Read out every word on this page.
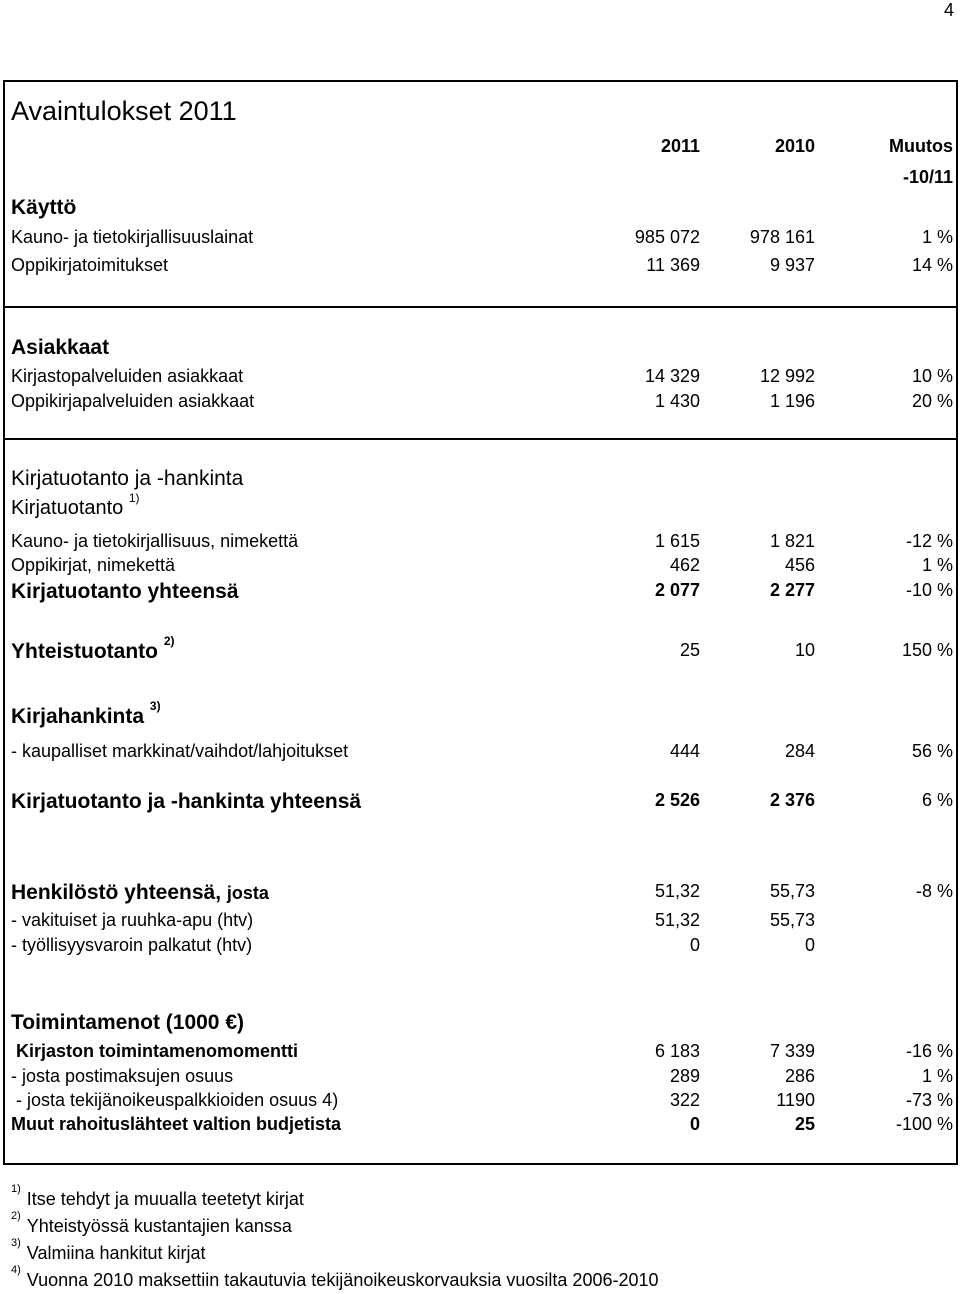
4
Avaintulokset 2011
2011	2010	Muutos
-10/11
Käyttö
Kauno- ja tietokirjallisuuslainat	985 072	978 161	1 %
Oppikirjatoimitukset	11 369	9 937	14 %
Asiakkaat
Kirjastopalveluiden asiakkaat	14 329	12 992	10 %
Oppikirjapalveluiden asiakkaat	1 430	1 196	20 %
Kirjatuotanto ja -hankinta
Kirjatuotanto $^{1)}$
Kauno- ja tietokirjallisuus, nimekettä	1 615	1 821	-12 %
Oppikirjat, nimekettä	462	456	1 %
Kirjatuotanto yhteensä	2 077	2 277	-10 %
Yhteistuotanto $^{2)}$	25	10	150 %
Kirjahankinta $^{3)}$
- kaupalliset markkinat/vaihdot/lahjoitukset	444	284	56 %
Kirjatuotanto ja -hankinta yhteensä	2 526	2 376	6 %
Henkilöstö yhteensä, josta	51,32	55,73	-8 %
- vakituiset ja ruuhka-apu (htv)	51,32	55,73
- työllisyysvaroin palkatut (htv)	0	0
Toimintamenot (1000 €)
Kirjaston toimintamenomomentti	6 183	7 339	-16 %
- josta postimaksujen osuus	289	286	1 %
- josta tekijänoikeuspalkkioiden osuus 4)	322	1190	-73 %
Muut rahoituslähteet valtion budjetista	0	25	-100 %
$^{1)}$ Itse tehdyt ja muualla teetetyt kirjat
$^{2)}$ Yhteistyössä kustantajien kanssa
$^{3)}$ Valmiina hankitut kirjat
$^{4)}$ Vuonna 2010 maksettiin takautuvia tekijänoikeuskorvauksia vuosilta 2006-2010
